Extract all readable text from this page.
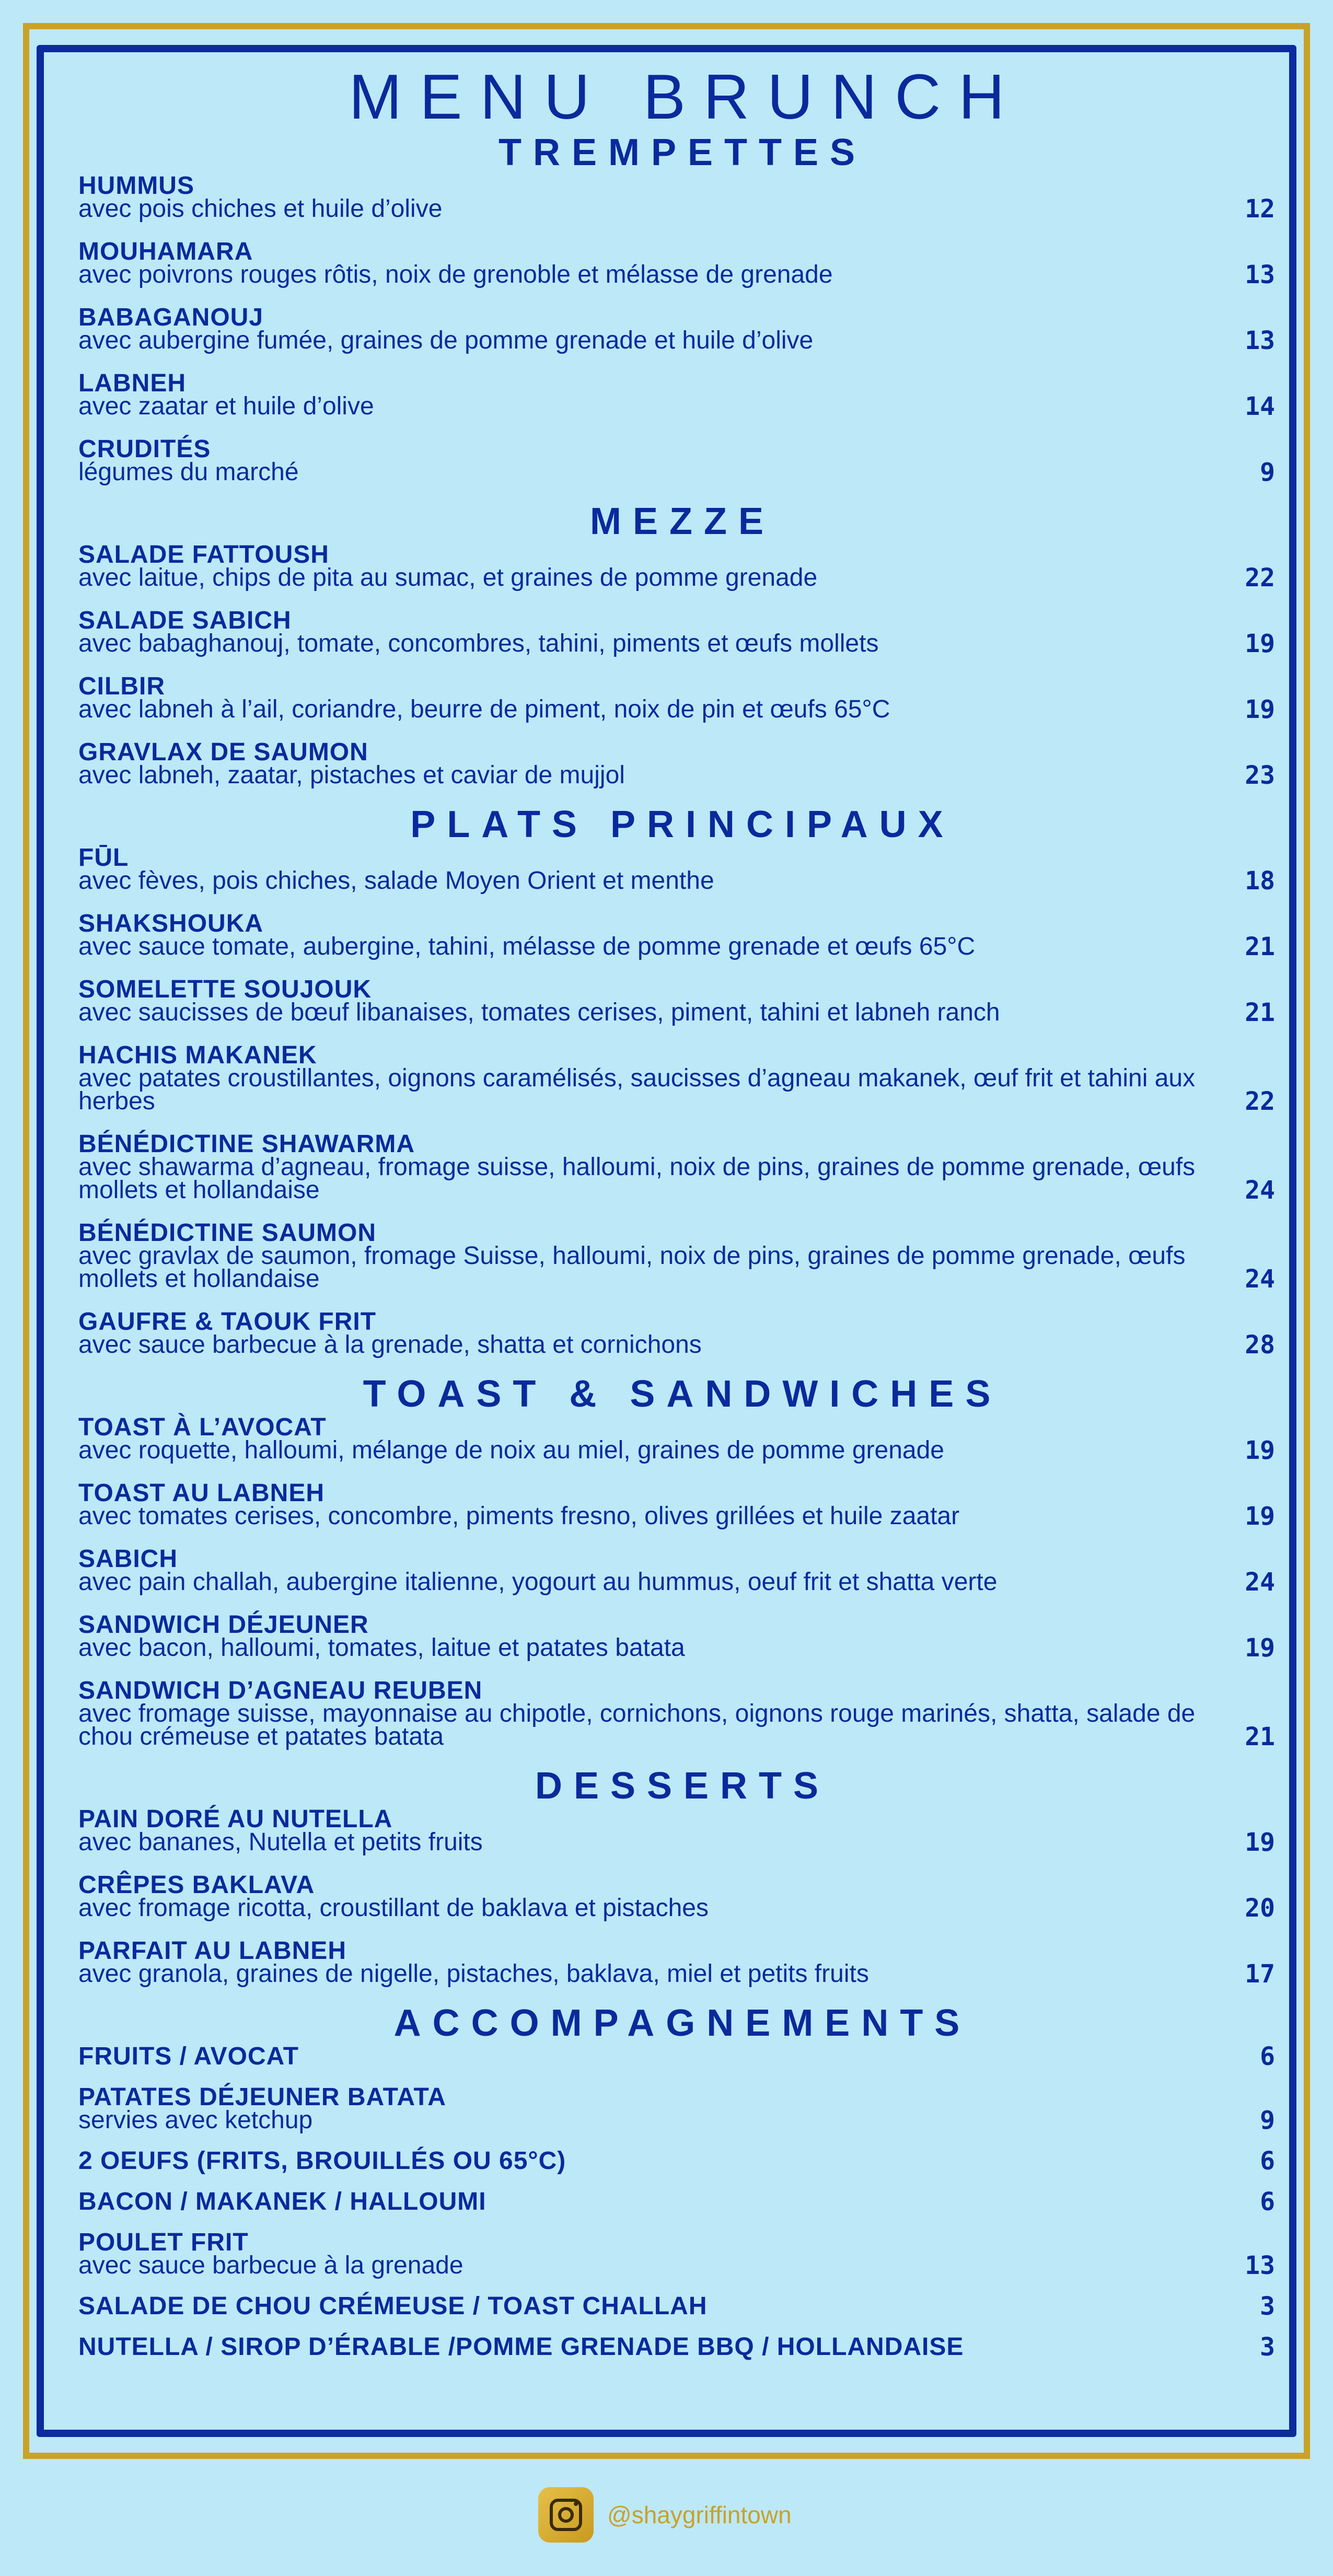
MENU BRUNCH
TREMPETTES
HUMMUS
avec pois chiches et huile d’olive	12
MOUHAMARA
avec poivrons rouges rôtis, noix de grenoble et mélasse de grenade	13
BABAGANOUJ
avec aubergine fumée, graines de pomme grenade et huile d’olive	13
LABNEH
avec zaatar et huile d’olive	14
CRUDITÉS
légumes du marché	9
MEZZE
SALADE FATTOUSH
avec laitue, chips de pita au sumac, et graines de pomme grenade	22
SALADE SABICH
avec babaghanouj, tomate, concombres, tahini, piments et œufs mollets	19
CILBIR
avec labneh à l’ail, coriandre, beurre de piment, noix de pin et œufs 65°C	19
GRAVLAX DE SAUMON
avec labneh, zaatar, pistaches et caviar de mujjol	23
PLATS PRINCIPAUX
FŪL
avec fèves, pois chiches, salade Moyen Orient et menthe	18
SHAKSHOUKA
avec sauce tomate, aubergine, tahini, mélasse de pomme grenade et œufs 65°C	21
SOMELETTE SOUJOUK
avec saucisses de bœuf libanaises, tomates cerises, piment, tahini et labneh ranch	21
HACHIS MAKANEK
avec patates croustillantes, oignons caramélisés, saucisses d’agneau makanek, œuf frit et tahini aux herbes	22
BÉNÉDICTINE SHAWARMA
avec shawarma d’agneau, fromage suisse, halloumi, noix de pins, graines de pomme grenade, œufs mollets et hollandaise	24
BÉNÉDICTINE SAUMON
avec gravlax de saumon, fromage Suisse, halloumi, noix de pins, graines de pomme grenade, œufs mollets et hollandaise	24
GAUFRE & TAOUK FRIT
avec sauce barbecue à la grenade, shatta et cornichons	28
TOAST & SANDWICHES
TOAST À L’AVOCAT
avec roquette, halloumi, mélange de noix au miel, graines de pomme grenade	19
TOAST AU LABNEH
avec tomates cerises, concombre, piments fresno, olives grillées et huile zaatar	19
SABICH
avec pain challah, aubergine italienne, yogourt au hummus, oeuf frit et shatta verte	24
SANDWICH DÉJEUNER
avec bacon, halloumi, tomates, laitue et patates batata	19
SANDWICH D’AGNEAU REUBEN
avec fromage suisse, mayonnaise au chipotle, cornichons, oignons rouge marinés, shatta, salade de chou crémeuse et patates batata	21
DESSERTS
PAIN DORÉ AU NUTELLA
avec bananes, Nutella et petits fruits	19
CRÊPES BAKLAVA
avec fromage ricotta, croustillant de baklava et pistaches	20
PARFAIT AU LABNEH
avec granola, graines de nigelle, pistaches, baklava, miel et petits fruits	17
ACCOMPAGNEMENTS
FRUITS / AVOCAT	6
PATATES DÉJEUNER BATATA
servies avec ketchup	9
2 OEUFS (FRITS, BROUILLÉS OU 65°C)	6
BACON / MAKANEK / HALLOUMI	6
POULET FRIT
avec sauce barbecue à la grenade	13
SALADE DE CHOU CRÉMEUSE / TOAST CHALLAH	3
NUTELLA / SIROP D’ÉRABLE /POMME GRENADE BBQ / HOLLANDAISE	3
@shaygriffintown
